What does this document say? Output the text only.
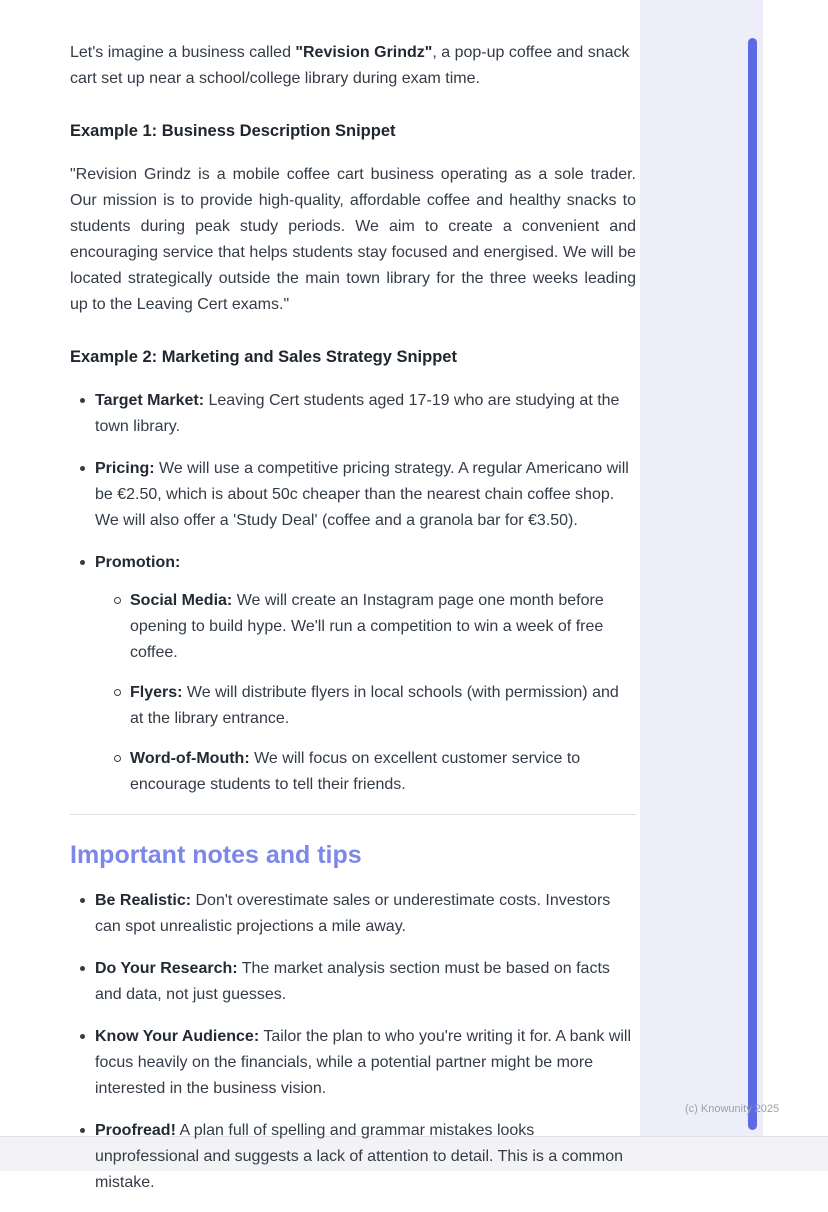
(c) Knowunity 2025

Let's imagine a business called "Revision Grindz", a pop-up coffee and snack cart set up near a school/college library during exam time.

Example 1: Business Description Snippet

"Revision Grindz is a mobile coffee cart business operating as a sole trader. Our mission is to provide high-quality, affordable coffee and healthy snacks to students during peak study periods. We aim to create a convenient and encouraging service that helps students stay focused and energised. We will be located strategically outside the main town library for the three weeks leading up to the Leaving Cert exams."

Example 2: Marketing and Sales Strategy Snippet
Target Market: Leaving Cert students aged 17-19 who are studying at the town library.
Pricing: We will use a competitive pricing strategy. A regular Americano will be €2.50, which is about 50c cheaper than the nearest chain coffee shop. We will also offer a 'Study Deal' (coffee and a granola bar for €3.50).
Promotion:
Social Media: We will create an Instagram page one month before opening to build hype. We'll run a competition to win a week of free coffee.
Flyers: We will distribute flyers in local schools (with permission) and at the library entrance.
Word-of-Mouth: We will focus on excellent customer service to encourage students to tell their friends.
Important notes and tips
Be Realistic: Don't overestimate sales or underestimate costs. Investors can spot unrealistic projections a mile away.
Do Your Research: The market analysis section must be based on facts and data, not just guesses.
Know Your Audience: Tailor the plan to who you're writing it for. A bank will focus heavily on the financials, while a potential partner might be more interested in the business vision.
Proofread! A plan full of spelling and grammar mistakes looks unprofessional and suggests a lack of attention to detail. This is a common mistake.
